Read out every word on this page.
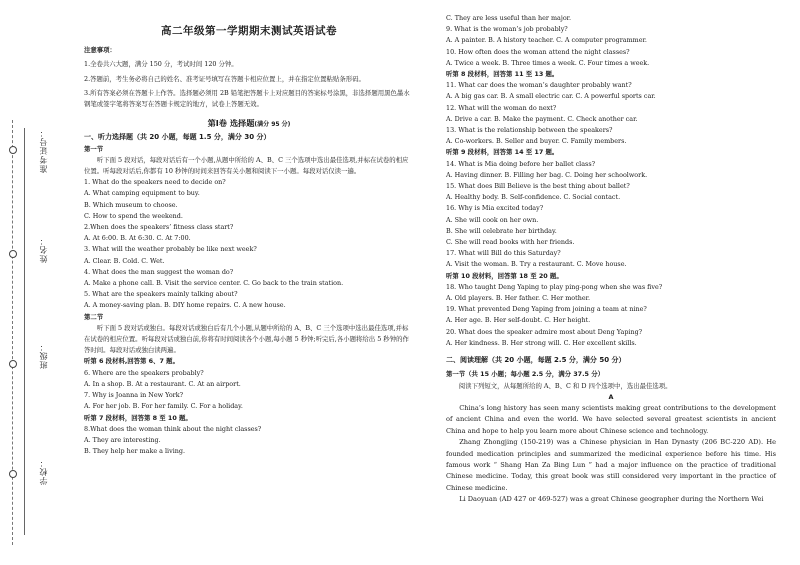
准考证号：
姓名：
班级：
学校：
高二年级第一学期期末测试英语试卷

注意事项：

1.全卷共六大题，满分 150 分，考试时间 120 分钟。

2.答题前，考生务必将自己的姓名、准考证号填写在答题卡相应位置上，并在指定位置粘贴条形码。

3.所有答案必须在答题卡上作答。选择题必须用 2B 铅笔把答题卡上对应题目的答案标号涂黑，非选择题用黑色墨水钢笔或签字笔将答案写在答题卡规定的地方，试卷上答题无效。

第Ⅰ卷 选择题(满分 95 分)

一、听力选择题（共 20 小题，每题 1.5 分，满分 30 分）

第一节

听下面 5 段对话，每段对话后有一个小题,从题中所给的 A、B、C 三个选项中选出最佳选项,并标在试卷的相应位置。听每段对话后,你都有 10 秒钟的时间来回答有关小题和阅读下一小题。每段对话仅读一遍。

1. What do the speakers need to decide on?

A. What camping equipment to buy.

B. Which museum to choose.

C. How to spend the weekend.

2.When does the speakers’ fitness class start?

A. At 6:00. B. At 6:30. C. At 7:00.

3. What will the weather probably be like next week?

A. Clear. B. Cold. C. Wet.

4. What does the man suggest the woman do?

A. Make a phone call. B. Visit the service center. C. Go back to the train station.

5. What are the speakers mainly talking about?

A. A money-saving plan. B. DIY home repairs. C. A new house.

第二节

听下面 5 段对话或独白。每段对话或独白后有几个小题,从题中所给的 A、B、C 三个选项中选出最佳选项,并标在试卷的相应位置。听每段对话或独白前,你将有时间阅读各个小题,每小题 5 秒钟;听完后,各小题将给出 5 秒钟的作答时间。每段对话或独白读两遍。

听第 6 段材料,回答第 6、7 题。

6. Where are the speakers probably?

A. In a shop. B. At a restaurant. C. At an airport.

7. Why is Joanna in New York?

A. For her job. B. For her family. C. For a holiday.

听第 7 段材料，回答第 8 至 10 题。

8.What does the woman think about the night classes?

A. They are interesting.

B. They help her make a living.

C. They are less useful than her major.

9. What is the woman’s job probably?

A. A painter. B. A history teacher. C. A computer programmer.

10. How often does the woman attend the night classes?

A. Twice a week. B. Three times a week. C. Four times a week.

听第 8 段材料，回答第 11 至 13 题。

11. What car does the woman’s daughter probably want?

A. A big gas car. B. A small electric car. C. A powerful sports car.

12. What will the woman do next?

A. Drive a car. B. Make the payment. C. Check another car.

13. What is the relationship between the speakers?

A. Co-workers. B. Seller and buyer. C. Family members.

听第 9 段材料，回答第 14 至 17 题。

14. What is Mia doing before her ballet class?

A. Having dinner. B. Filling her bag. C. Doing her schoolwork.

15. What does Bill Believe is the best thing about ballet?

A. Healthy body. B. Self-confidence. C. Social contact.

16. Why is Mia excited today?

A. She will cook on her own.

B. She will celebrate her birthday.

C. She will read books with her friends.

17. What will Bill do this Saturday?

A. Visit the woman. B. Try a restaurant. C. Move house.

听第 10 段材料，回答第 18 至 20 题。

18. Who taught Deng Yaping to play ping-pong when she was five?

A. Old players. B. Her father. C. Her mother.

19. What prevented Deng Yaping from joining a team at nine?

A. Her age. B. Her self-doubt. C. Her height.

20. What does the speaker admire most about Deng Yaping?

A. Her kindness. B. Her strong will. C. Her excellent skills.

二、阅读理解（共 20 小题，每题 2.5 分，满分 50 分）

第一节（共 15 小题；每小题 2.5 分，满分 37.5 分）

阅读下列短文，从每题所给的 A、B、C 和 D 四个选项中，选出最佳选项。

A

China’s long history has seen many scientists making great contributions to the development of ancient China and even the world. We have selected several greatest scientists in ancient China and hope to help you learn more about Chinese science and technology.

Zhang Zhongjing (150-219) was a Chinese physician in Han Dynasty (206 BC-220 AD). He founded medication principles and summarized the medicinal experience before his time. His famous work “ Shang Han Za Bing Lun ” had a major influence on the practice of traditional Chinese medicine. Today, this great book was still considered very important in the practice of Chinese medicine.

Li Daoyuan (AD 427 or 469-527) was a great Chinese geographer during the Northern Wei
